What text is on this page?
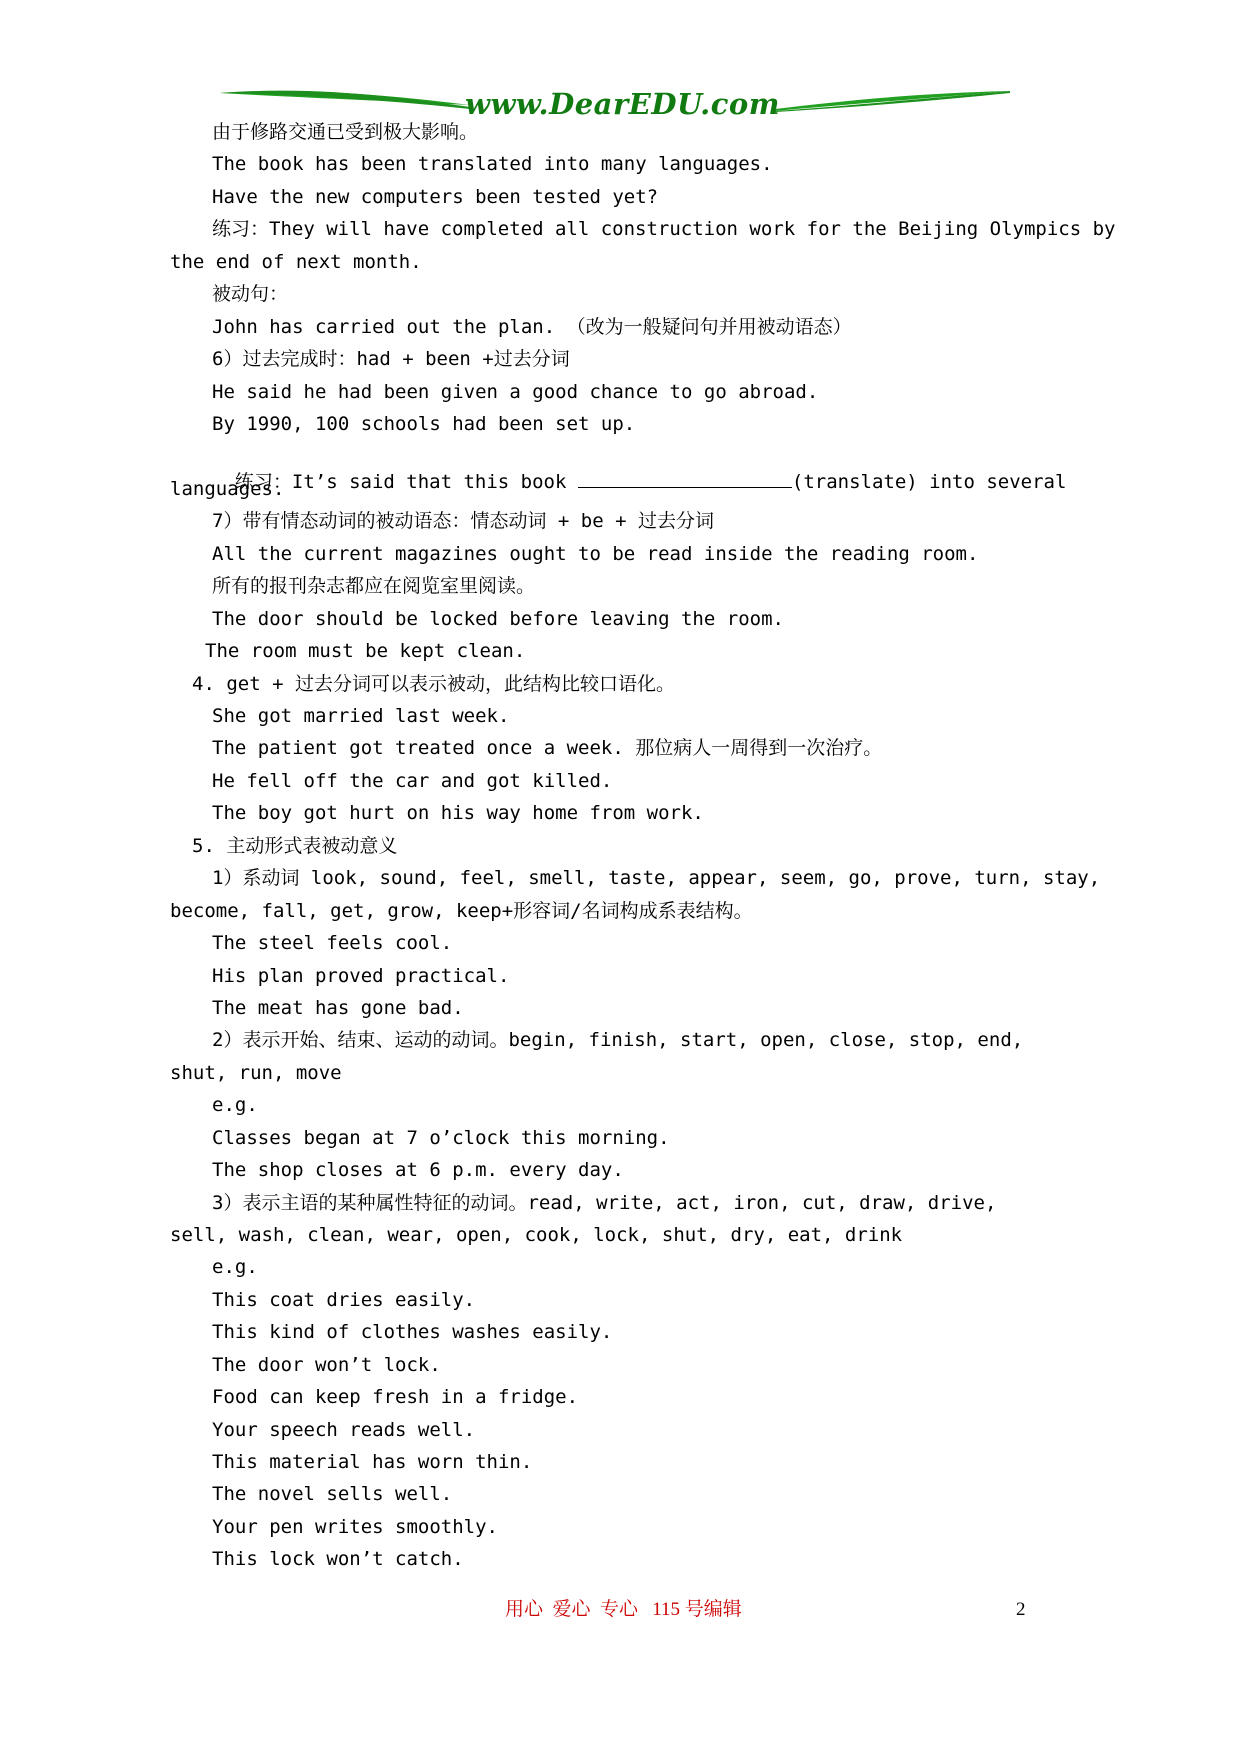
www.DearEDU.com
由于修路交通已受到极大影响。
The book has been translated into many languages.
Have the new computers been tested yet?
练习：They will have completed all construction work for the Beijing Olympics by
the end of next month.
被动句：
John has carried out the plan. （改为一般疑问句并用被动语态）
6）过去完成时：had + been +过去分词
He said he had been given a good chance to go abroad.
By 1990, 100 schools had been set up.

练习：It’s said that this book	(translate) into several

languages.
7）带有情态动词的被动语态：情态动词 + be + 过去分词
All the current magazines ought to be read inside the reading room.
所有的报刊杂志都应在阅览室里阅读。
The door should be locked before leaving the room.
The room must be kept clean.
4. get + 过去分词可以表示被动，此结构比较口语化。
She got married last week.
The patient got treated once a week. 那位病人一周得到一次治疗。
He fell off the car and got killed.
The boy got hurt on his way home from work.
5. 主动形式表被动意义
1）系动词 look, sound, feel, smell, taste, appear, seem, go, prove, turn, stay,
become, fall, get, grow, keep+形容词/名词构成系表结构。
The steel feels cool.
His plan proved practical.
The meat has gone bad.
2）表示开始、结束、运动的动词。begin, finish, start, open, close, stop, end,
shut, run, move
e.g.
Classes began at 7 o’clock this morning.
The shop closes at 6 p.m. every day.
3）表示主语的某种属性特征的动词。read, write, act, iron, cut, draw, drive,
sell, wash, clean, wear, open, cook, lock, shut, dry, eat, drink
e.g.
This coat dries easily.
This kind of clothes washes easily.
The door won’t lock.
Food can keep fresh in a fridge.
Your speech reads well.
This material has worn thin.
The novel sells well.
Your pen writes smoothly.
This lock won’t catch.
用心  爱心  专心   115 号编辑	2
